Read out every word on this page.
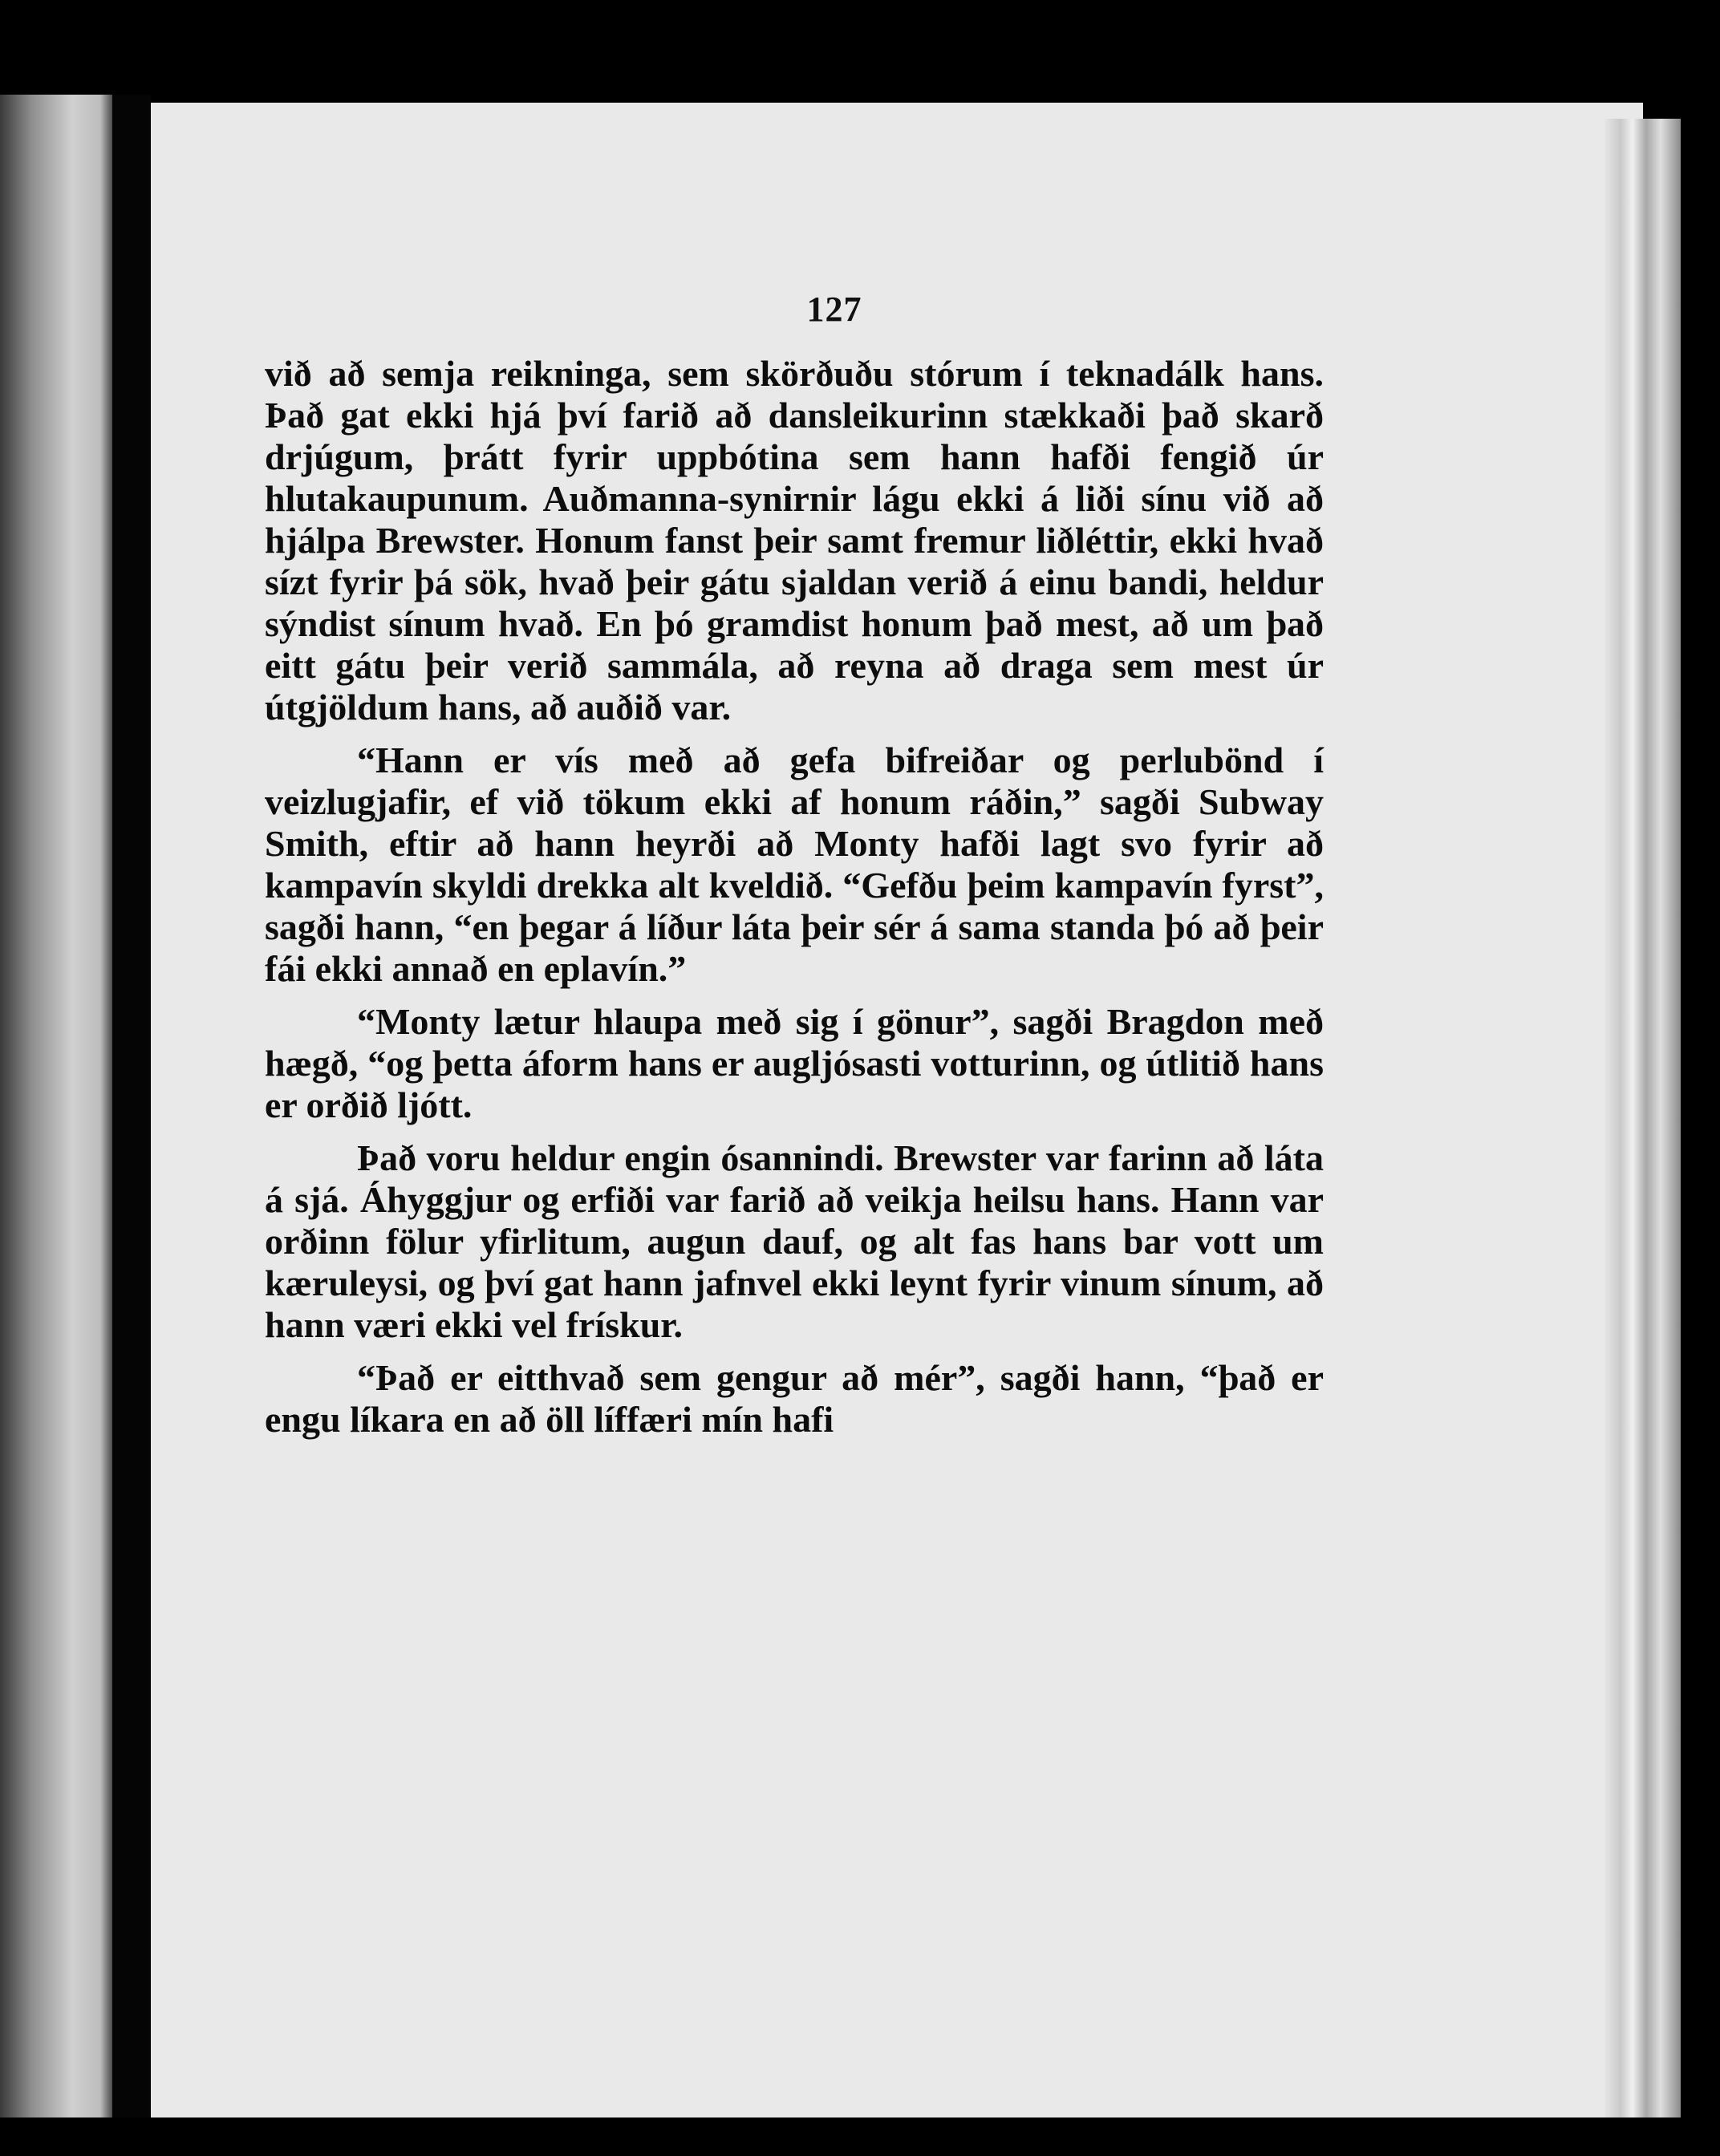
127

við að semja reikninga, sem skörðuðu stórum í teknadálk hans. Það gat ekki hjá því farið að dansleikurinn stækkaði það skarð drjúgum, þrátt fyrir uppbótina sem hann hafði fengið úr hlutakaupunum. Auðmanna-synirnir lágu ekki á liði sínu við að hjálpa Brewster. Honum fanst þeir samt fremur liðléttir, ekki hvað sízt fyrir þá sök, hvað þeir gátu sjaldan verið á einu bandi, heldur sýndist sínum hvað. En þó gramdist honum það mest, að um það eitt gátu þeir verið sammála, að reyna að draga sem mest úr útgjöldum hans, að auðið var.

“Hann er vís með að gefa bifreiðar og perlubönd í veizlugjafir, ef við tökum ekki af honum ráðin,” sagði Subway Smith, eftir að hann heyrði að Monty hafði lagt svo fyrir að kampavín skyldi drekka alt kveldið. “Gefðu þeim kampavín fyrst”, sagði hann, “en þegar á líður láta þeir sér á sama standa þó að þeir fái ekki annað en eplavín.”

“Monty lætur hlaupa með sig í gönur”, sagði Bragdon með hægð, “og þetta áform hans er augljósasti votturinn, og útlitið hans er orðið ljótt.

Það voru heldur engin ósannindi. Brewster var farinn að láta á sjá. Áhyggjur og erfiði var farið að veikja heilsu hans. Hann var orðinn fölur yfirlitum, augun dauf, og alt fas hans bar vott um kæruleysi, og því gat hann jafnvel ekki leynt fyrir vinum sínum, að hann væri ekki vel frískur.

“Það er eitthvað sem gengur að mér”, sagði hann, “það er engu líkara en að öll líffæri mín hafi
